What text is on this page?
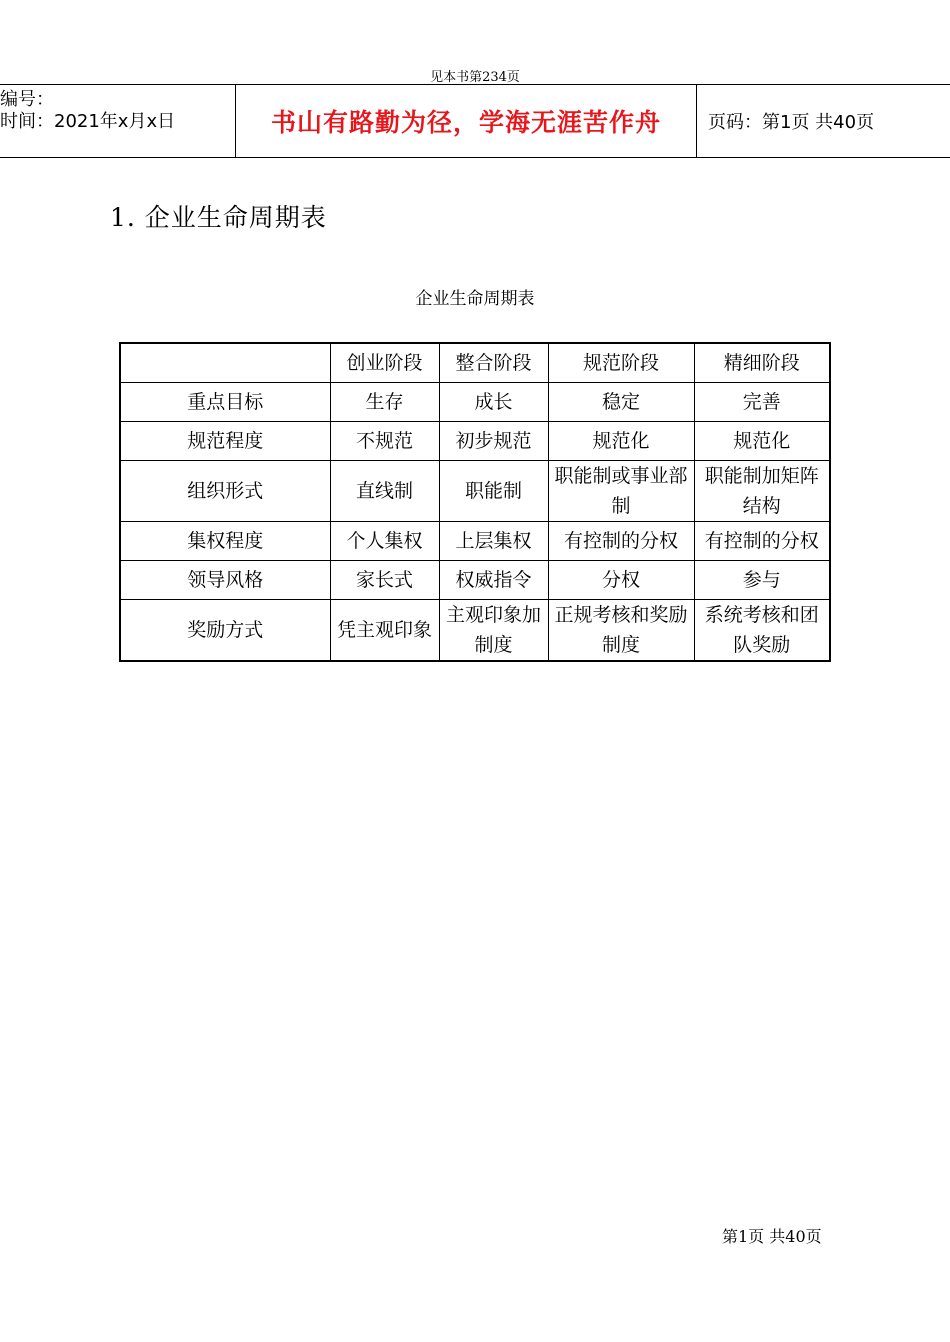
见本书第234页
编号：
时间：2021年x月x日	书山有路勤为径，学海无涯苦作舟	页码：第1页 共40页
1. 企业生命周期表
企业生命周期表
	创业阶段	整合阶段	规范阶段	精细阶段
重点目标	生存	成长	稳定	完善
规范程度	不规范	初步规范	规范化	规范化
组织形式	直线制	职能制	职能制或事业部制	职能制加矩阵结构
集权程度	个人集权	上层集权	有控制的分权	有控制的分权
领导风格	家长式	权威指令	分权	参与
奖励方式	凭主观印象	主观印象加制度	正规考核和奖励制度	系统考核和团队奖励
第1页 共40页
